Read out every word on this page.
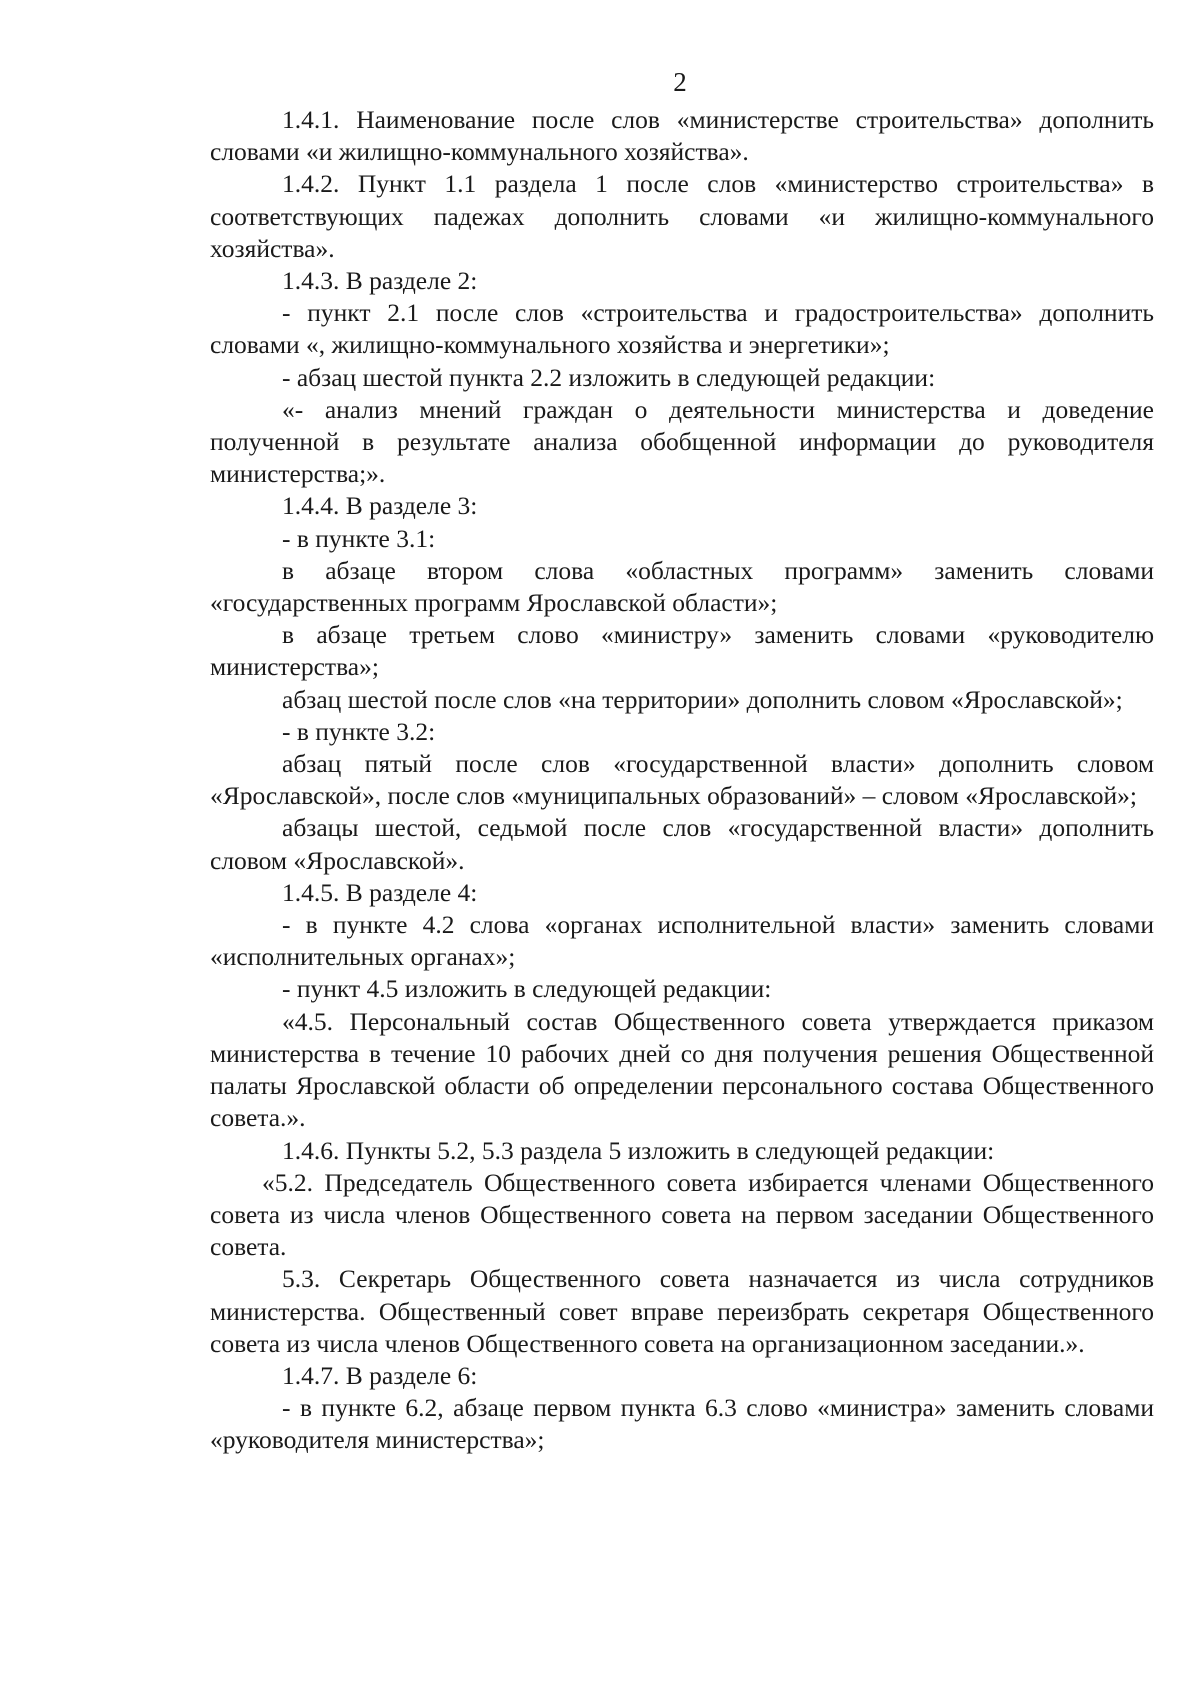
2

1.4.1. Наименование после слов «министерстве строительства» дополнить словами «и жилищно-коммунального хозяйства».

1.4.2. Пункт 1.1 раздела 1 после слов «министерство строительства» в соответствующих падежах дополнить словами «и жилищно-коммунального хозяйства».

1.4.3. В разделе 2:

- пункт 2.1 после слов «строительства и градостроительства» дополнить словами «, жилищно-коммунального хозяйства и энергетики»;

- абзац шестой пункта 2.2 изложить в следующей редакции:

«- анализ мнений граждан о деятельности министерства и доведение полученной в результате анализа обобщенной информации до руководителя министерства;».

1.4.4. В разделе 3:

- в пункте 3.1:

в абзаце втором слова «областных программ» заменить словами «государственных программ Ярославской области»;

в абзаце третьем слово «министру» заменить словами «руководителю министерства»;

абзац шестой после слов «на территории» дополнить словом «Ярославской»;

- в пункте 3.2:

абзац пятый после слов «государственной власти» дополнить словом «Ярославской», после слов «муниципальных образований» – словом «Ярославской»;

абзацы шестой, седьмой после слов «государственной власти» дополнить словом «Ярославской».

1.4.5. В разделе 4:

- в пункте 4.2 слова «органах исполнительной власти» заменить словами «исполнительных органах»;

- пункт 4.5 изложить в следующей редакции:

«4.5. Персональный состав Общественного совета утверждается приказом министерства в течение 10 рабочих дней со дня получения решения Общественной палаты Ярославской области об определении персонального состава Общественного совета.».

1.4.6. Пункты 5.2, 5.3 раздела 5 изложить в следующей редакции:

«5.2. Председатель Общественного совета избирается членами Общественного совета из числа членов Общественного совета на первом заседании Общественного совета.

5.3. Секретарь Общественного совета назначается из числа сотрудников министерства. Общественный совет вправе переизбрать секретаря Общественного совета из числа членов Общественного совета на организационном заседании.».

1.4.7. В разделе 6:

- в пункте 6.2, абзаце первом пункта 6.3 слово «министра» заменить словами «руководителя министерства»;
